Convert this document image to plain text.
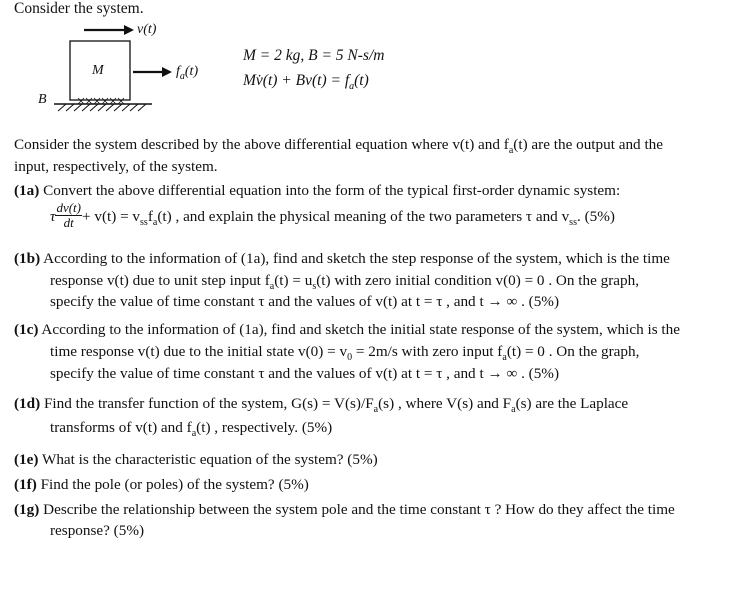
Consider the system.
v(t)
M	$f_a(t)$
B
M = 2 kg, B = 5 N-s/m
Mv̇(t) + $Bv(t) = f_a(t)$
Consider the system described by the above differential equation where v(t) and $f_a(t)$ are the output and the
input, respectively, of the system.
(1a) Convert the above differential equation into the form of the typical first-order dynamic system:
τ $\frac{dv(t)}{dt} + v(t) = v_{ss}f_a(t)$ , and explain the physical meaning of the two parameters τ and $v_{ss}$. (5%)
(1b) According to the information of (1a), find and sketch the step response of the system, which is the time
response v(t) due to unit step input $f_a(t) = u_s(t)$ with zero initial condition v(0) = 0 . On the graph,
specify the value of time constant τ and the values of v(t) at t = τ , and t → ∞ . (5%)
(1c) According to the information of (1a), find and sketch the initial state response of the system, which is the
time response v(t) due to the initial state $v(0) = v_0 = 2m/s$ with zero input $f_a(t) = 0$ . On the graph,
specify the value of time constant τ and the values of v(t) at t = τ , and t → ∞ . (5%)
(1d) Find the transfer function of the system, $G(s) = V(s)/F_a(s)$ , where V(s) and $F_a(s)$ are the Laplace
transforms of v(t) and $f_a(t)$ , respectively. (5%)
(1e) What is the characteristic equation of the system? (5%)
(1f) Find the pole (or poles) of the system? (5%)
(1g) Describe the relationship between the system pole and the time constant τ ? How do they affect the time
response? (5%)
